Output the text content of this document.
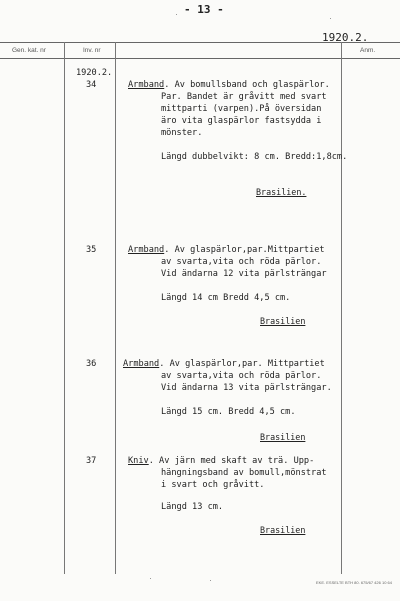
- 13 -
1920.2.
Gen. kat. nr	Inv. nr	Anm.
1920.2.
34	Armband. Av bomullsband och glaspärlor.
Par. Bandet är gråvitt med svart
mittparti (varpen).På översidan
äro vita glaspärlor fastsydda i
mönster.
Längd dubbelvikt: 8 cm. Bredd:1,8cm.
Brasilien.
35	Armband. Av glaspärlor,par.Mittpartiet
av svarta,vita och röda pärlor.
Vid ändarna 12 vita pärlsträngar
Längd 14 cm Bredd 4,5 cm.
Brasilien
36	Armband. Av glaspärlor,par. Mittpartiet
av svarta,vita och röda pärlor.
Vid ändarna 13 vita pärlsträngar.
Längd 15 cm. Bredd 4,5 cm.
Brasilien
37	Kniv. Av järn med skaft av trä. Upp-
hängningsband av bomull,mönstrat
i svart och gråvitt.
Längd 13 cm.
Brasilien
EKE. ESSELTE BTH 80. 675/67 426 10 64
